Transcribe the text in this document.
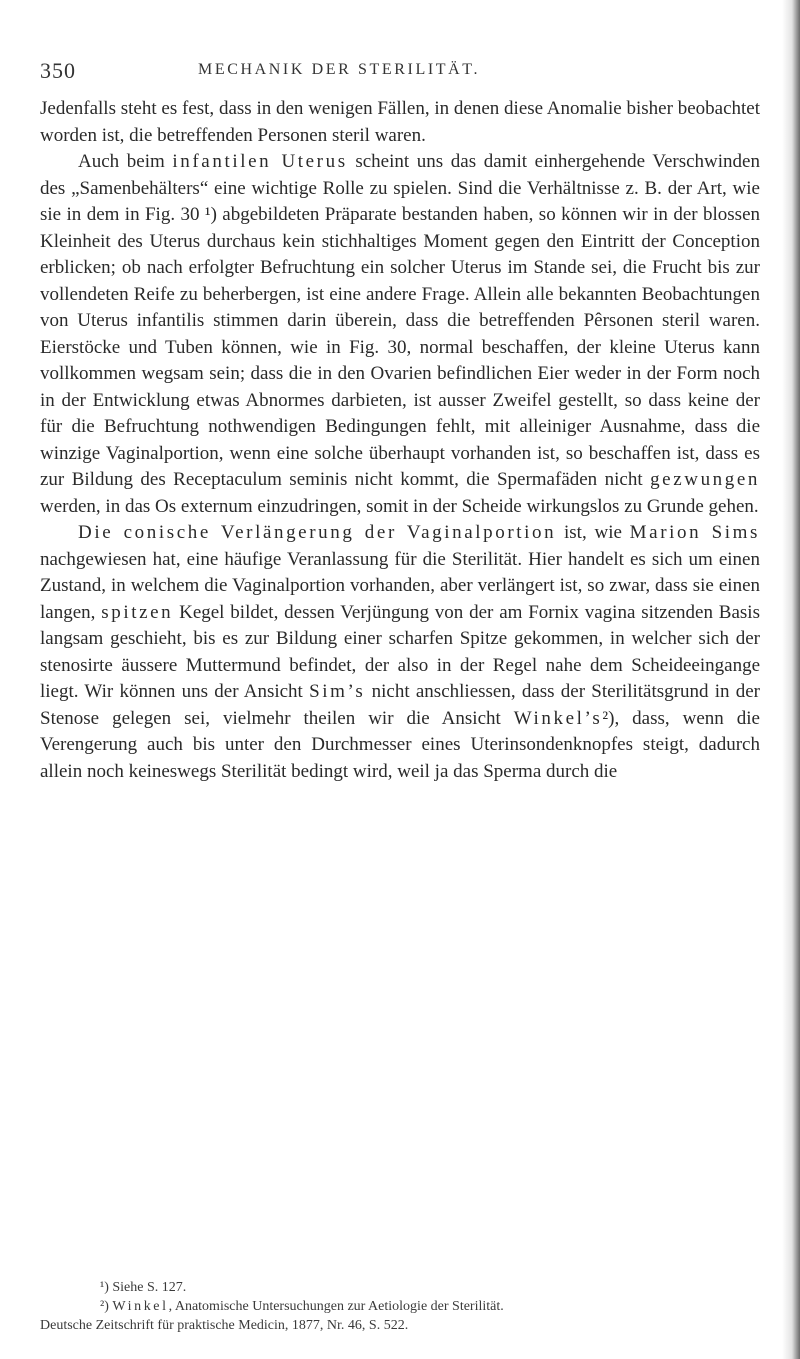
350	MECHANIK DER STERILITÄT.

Jedenfalls steht es fest, dass in den wenigen Fällen, in denen diese Anomalie bisher beobachtet worden ist, die betreffenden Personen steril waren.

Auch beim infantilen Uterus scheint uns das damit einhergehende Verschwinden des „Samenbehälters“ eine wichtige Rolle zu spielen. Sind die Verhältnisse z. B. der Art, wie sie in dem in Fig. 30 ¹) abgebildeten Präparate bestanden haben, so können wir in der blossen Kleinheit des Uterus durchaus kein stichhaltiges Moment gegen den Eintritt der Conception erblicken; ob nach erfolgter Befruchtung ein solcher Uterus im Stande sei, die Frucht bis zur vollendeten Reife zu beherbergen, ist eine andere Frage. Allein alle bekannten Beobachtungen von Uterus infantilis stimmen darin überein, dass die betreffenden Pêrsonen steril waren. Eierstöcke und Tuben können, wie in Fig. 30, normal beschaffen, der kleine Uterus kann vollkommen wegsam sein; dass die in den Ovarien befindlichen Eier weder in der Form noch in der Entwicklung etwas Abnormes darbieten, ist ausser Zweifel gestellt, so dass keine der für die Befruchtung nothwendigen Bedingungen fehlt, mit alleiniger Ausnahme, dass die winzige Vaginalportion, wenn eine solche überhaupt vorhanden ist, so beschaffen ist, dass es zur Bildung des Receptaculum seminis nicht kommt, die Spermafäden nicht gezwungen werden, in das Os externum einzudringen, somit in der Scheide wirkungslos zu Grunde gehen.

Die conische Verlängerung der Vaginalportion ist, wie Marion Sims nachgewiesen hat, eine häufige Veranlassung für die Sterilität. Hier handelt es sich um einen Zustand, in welchem die Vaginalportion vorhanden, aber verlängert ist, so zwar, dass sie einen langen, spitzen Kegel bildet, dessen Verjüngung von der am Fornix vagina sitzenden Basis langsam geschieht, bis es zur Bildung einer scharfen Spitze gekommen, in welcher sich der stenosirte äussere Muttermund befindet, der also in der Regel nahe dem Scheideeingange liegt. Wir können uns der Ansicht Sim’s nicht anschliessen, dass der Sterilitätsgrund in der Stenose gelegen sei, vielmehr theilen wir die Ansicht Winkel’s²), dass, wenn die Verengerung auch bis unter den Durchmesser eines Uterinsondenknopfes steigt, dadurch allein noch keineswegs Sterilität bedingt wird, weil ja das Sperma durch die

¹) Siehe S. 127.

²) Winkel, Anatomische Untersuchungen zur Aetiologie der Sterilität.

Deutsche Zeitschrift für praktische Medicin, 1877, Nr. 46, S. 522.
